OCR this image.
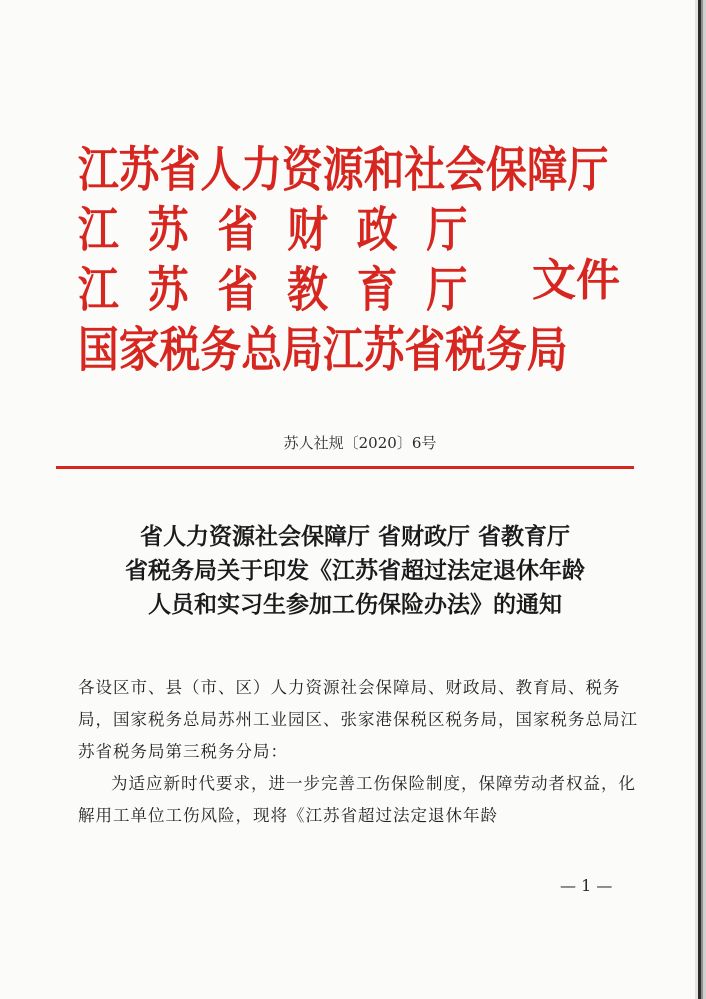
江苏省人力资源和社会保障厅
江苏省财政厅
江苏省教育厅
国家税务总局江苏省税务局
文件
苏人社规〔2020〕6号
省人力资源社会保障厅 省财政厅 省教育厅
省税务局关于印发《江苏省超过法定退休年龄
人员和实习生参加工伤保险办法》的通知

各设区市、县（市、区）人力资源社会保障局、财政局、教育局、税务局，国家税务总局苏州工业园区、张家港保税区税务局，国家税务总局江苏省税务局第三税务分局：

为适应新时代要求，进一步完善工伤保险制度，保障劳动者权益，化解用工单位工伤风险，现将《江苏省超过法定退休年龄

— 1 —
